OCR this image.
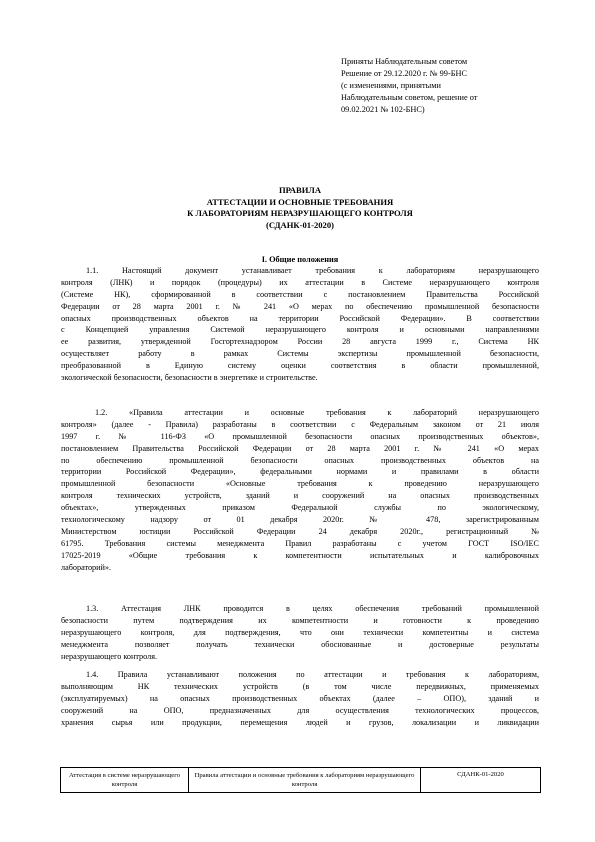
Приняты Наблюдательным советом
Решение от 29.12.2020 г. № 99-БНС
(с изменениями, принятыми
Наблюдательным советом, решение от
09.02.2021 № 102-БНС)
ПРАВИЛА
АТТЕСТАЦИИ И ОСНОВНЫЕ ТРЕБОВАНИЯ
К ЛАБОРАТОРИЯМ НЕРАЗРУШАЮЩЕГО КОНТРОЛЯ
(СДАНК-01-2020)
I. Общие положения
1.1. Настоящий документ устанавливает требования к лабораториям неразрушающего
контроля (ЛНК) и порядок (процедуры) их аттестации в Системе неразрушающего контроля
(Системе НК), сформированной в соответствии с постановлением Правительства Российской
Федерации от 28 марта 2001 г. № 241 «О мерах по обеспечению промышленной безопасности
опасных производственных объектов на территории Российской Федерации». В соответствии
с Концепцией управления Системой неразрушающего контроля и основными направлениями
ее развития, утвержденной Госгортехнадзором России 28 августа 1999 г., Система НК
осуществляет работу в рамках Системы экспертизы промышленной безопасности,
преобразованной в Единую систему оценки соответствия в области промышленной,
экологической безопасности, безопасности в энергетике и строительстве.
1.2. «Правила аттестации и основные требования к лабораторий неразрушающего
контроля» (далее - Правила) разработаны в соответствии с Федеральным законом от 21 июля
1997 г. № 116-ФЗ «О промышленной безопасности опасных производственных объектов»,
постановлением Правительства Российской Федерации от 28 марта 2001 г. № 241 «О мерах
по обеспечению промышленной безопасности опасных производственных объектов на
территории Российской Федерации», федеральными нормами и правилами в области
промышленной безопасности «Основные требования к проведению неразрушающего
контроля технических устройств, зданий и сооружений на опасных производственных
объектах», утвержденных приказом Федеральной службы по экологическому,
технологическому надзору от 01 декабря 2020г. № 478, зарегистрированным
Министерством юстиции Российской Федерации 24 декабря 2020г., регистрационный №
61795. Требования системы менеджмента Правил разработаны с учетом ГОСТ ISO/IEC
17025-2019 «Общие требования к компетентности испытательных и калибровочных
лабораторий».
1.3. Аттестация ЛНК проводится в целях обеспечения требований промышленной
безопасности путем подтверждения их компетентности и готовности к проведению
неразрушающего контроля, для подтверждения, что они технически компетентны и система
менеджмента позволяет получать технически обоснованные и достоверные результаты
неразрушающего контроля.
1.4. Правила устанавливают положения по аттестации и требования к лабораториям,
выполняющим НК технических устройств (в том числе передвижных, применяемых
(эксплуатируемых) на опасных производственных объектах (далее – ОПО), зданий и
сооружений на ОПО, предназначенных для осуществления технологических процессов,
хранения сырья или продукции, перемещения людей и грузов, локализации и ликвидации
Аттестация в системе неразрушающего контроля
Правила аттестации и основные требования к лабораториям неразрушающего контроля
СДАНК-01-2020
